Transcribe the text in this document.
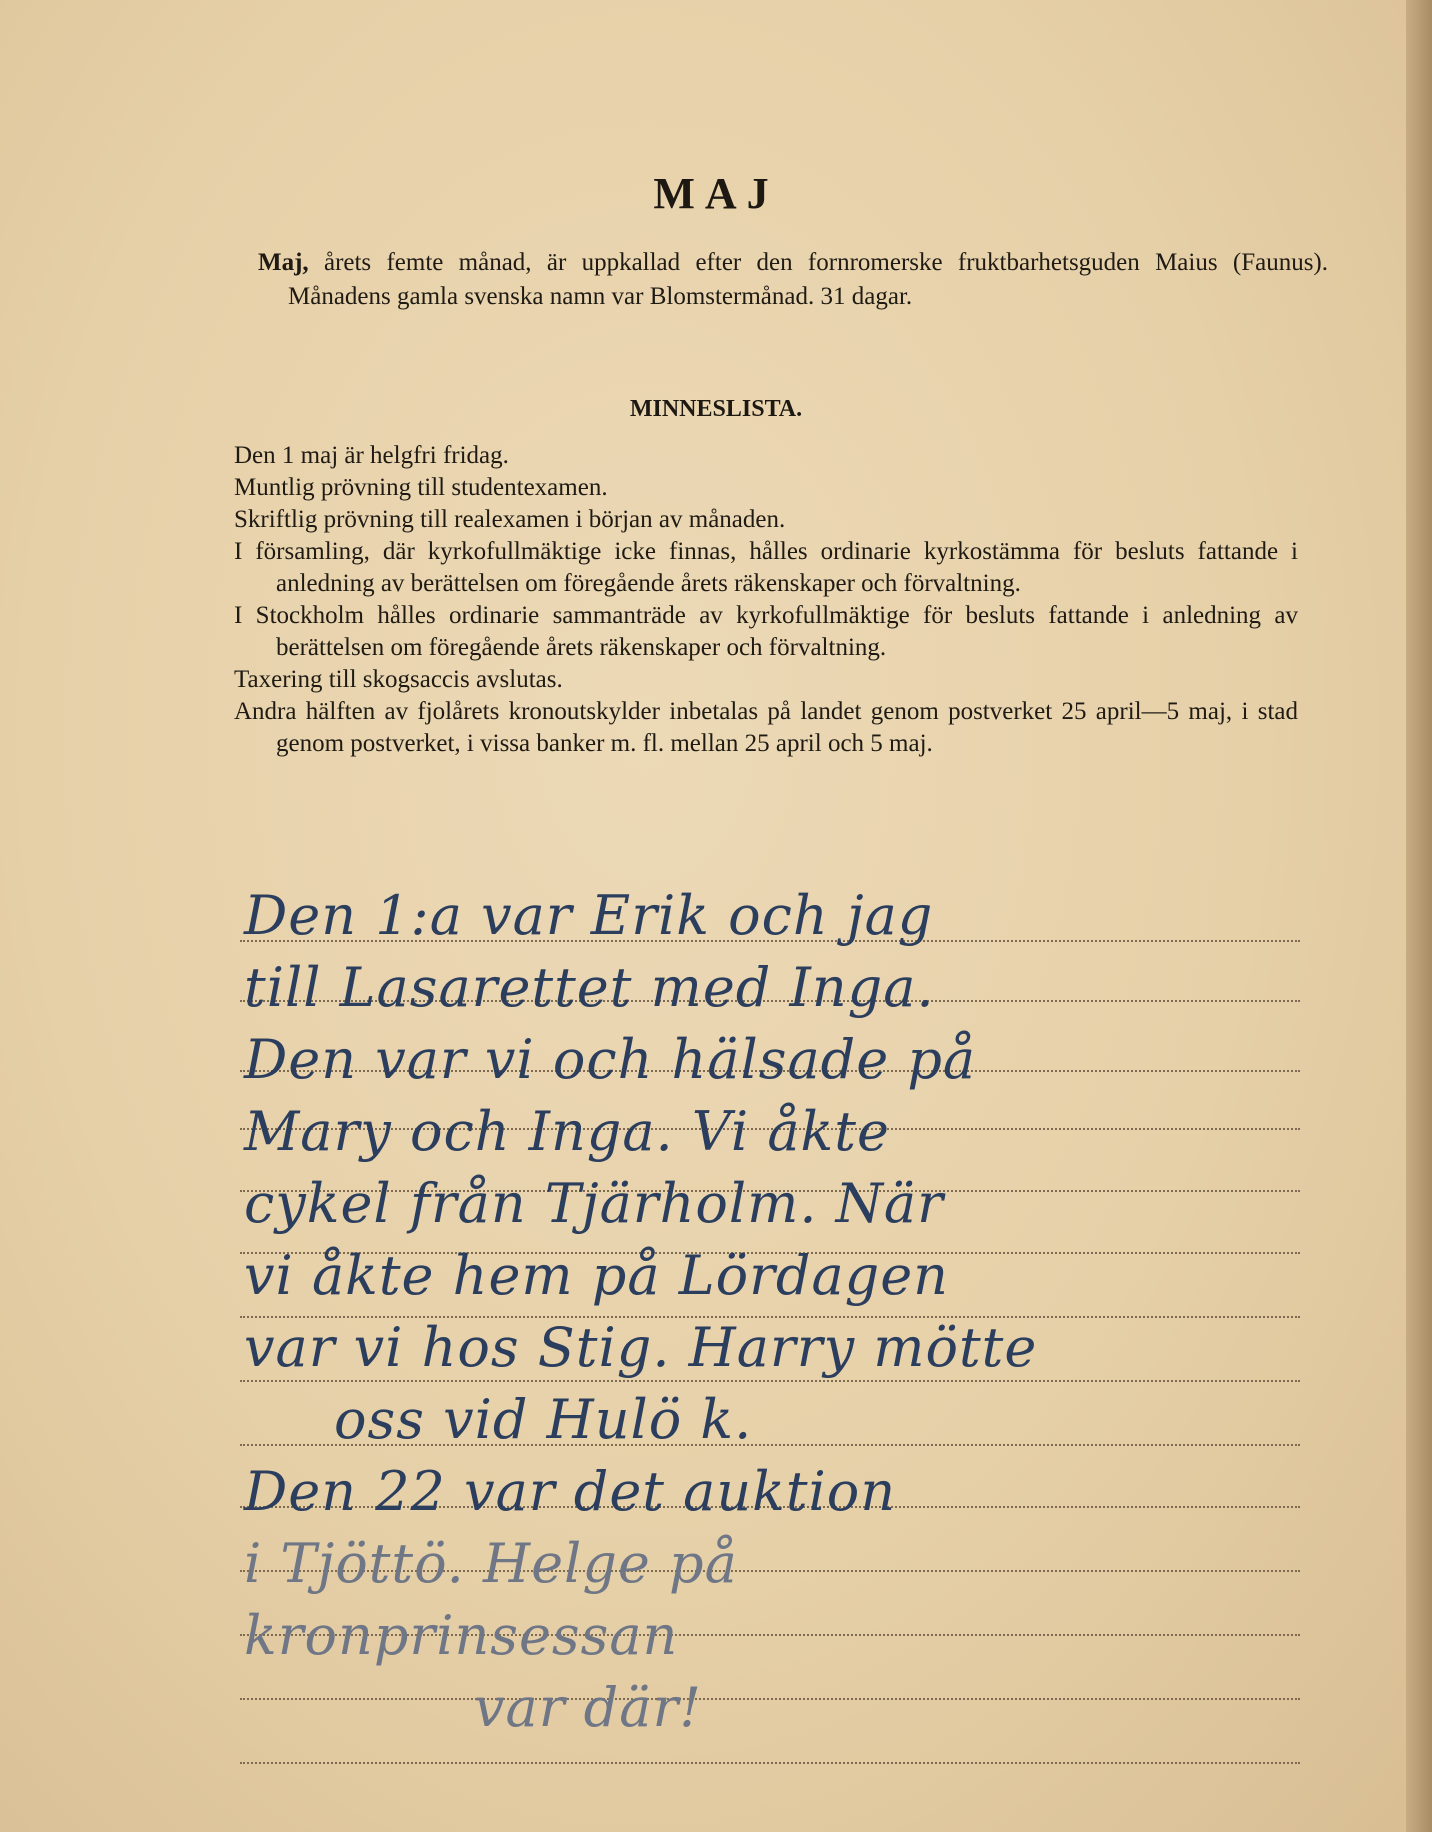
MAJ
Maj, årets femte månad, är uppkallad efter den fornromerske fruktbarhetsguden Maius (Faunus). Månadens gamla svenska namn var Blomstermånad. 31 dagar.
MINNESLISTA.
Den 1 maj är helgfri fridag.
Muntlig prövning till studentexamen.
Skriftlig prövning till realexamen i början av månaden.
I församling, där kyrkofullmäktige icke finnas, hålles ordinarie kyrkostämma för besluts fattande i anledning av berättelsen om föregående årets räkenskaper och förvaltning.
I Stockholm hålles ordinarie sammanträde av kyrkofullmäktige för besluts fattande i anledning av berättelsen om föregående årets räkenskaper och förvaltning.
Taxering till skogsaccis avslutas.
Andra hälften av fjolårets kronoutskylder inbetalas på landet genom postverket 25 april—5 maj, i stad genom postverket, i vissa banker m. fl. mellan 25 april och 5 maj.
Den 1:a var Erik och jag
till Lasarettet med Inga.
Den var vi och hälsade på
Mary och Inga. Vi åkte
cykel från Tjärholm. När
vi åkte hem på Lördagen
var vi hos Stig. Harry mötte
oss vid Hulö k.
Den 22 var det auktion
i Tjöttö. Helge på
kronprinsessan
var där!
